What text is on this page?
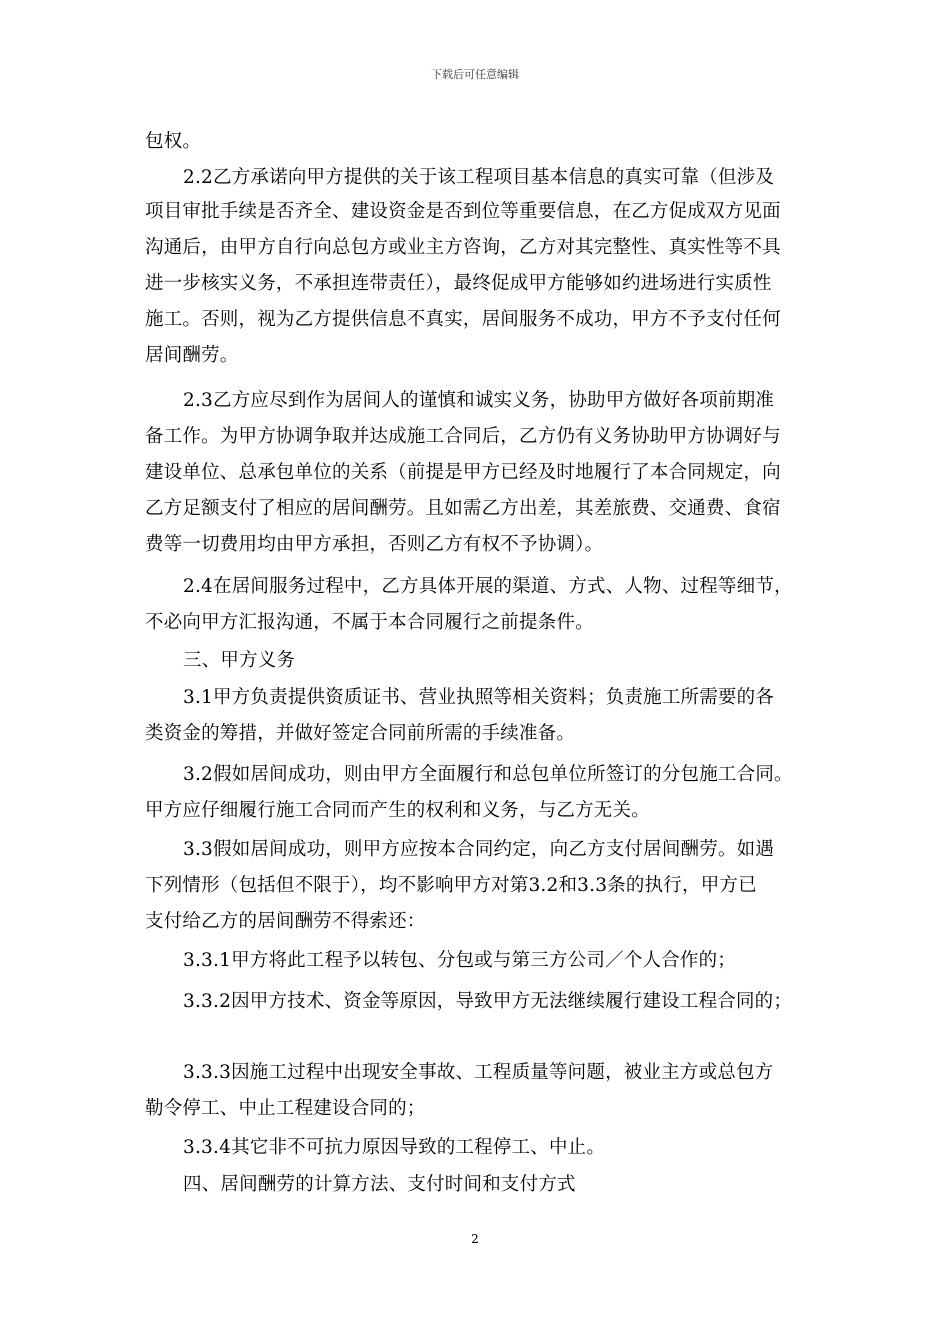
下载后可任意编辑
包权。
2.2乙方承诺向甲方提供的关于该工程项目基本信息的真实可靠（但涉及
项目审批手续是否齐全、建设资金是否到位等重要信息，在乙方促成双方见面
沟通后，由甲方自行向总包方或业主方咨询，乙方对其完整性、真实性等不具
进一步核实义务，不承担连带责任），最终促成甲方能够如约进场进行实质性
施工。否则，视为乙方提供信息不真实，居间服务不成功，甲方不予支付任何
居间酬劳。
2.3乙方应尽到作为居间人的谨慎和诚实义务，协助甲方做好各项前期准
备工作。为甲方协调争取并达成施工合同后，乙方仍有义务协助甲方协调好与
建设单位、总承包单位的关系（前提是甲方已经及时地履行了本合同规定，向
乙方足额支付了相应的居间酬劳。且如需乙方出差，其差旅费、交通费、食宿
费等一切费用均由甲方承担，否则乙方有权不予协调）。
2.4在居间服务过程中，乙方具体开展的渠道、方式、人物、过程等细节，
不必向甲方汇报沟通，不属于本合同履行之前提条件。
三、甲方义务
3.1甲方负责提供资质证书、营业执照等相关资料；负责施工所需要的各
类资金的筹措，并做好签定合同前所需的手续准备。
3.2假如居间成功，则由甲方全面履行和总包单位所签订的分包施工合同。
甲方应仔细履行施工合同而产生的权利和义务，与乙方无关。
3.3假如居间成功，则甲方应按本合同约定，向乙方支付居间酬劳。如遇
下列情形（包括但不限于），均不影响甲方对第3.2和3.3条的执行，甲方已
支付给乙方的居间酬劳不得索还：
3.3.1甲方将此工程予以转包、分包或与第三方公司／个人合作的；
3.3.2因甲方技术、资金等原因，导致甲方无法继续履行建设工程合同的；
3.3.3因施工过程中出现安全事故、工程质量等问题，被业主方或总包方
勒令停工、中止工程建设合同的；
3.3.4其它非不可抗力原因导致的工程停工、中止。
四、居间酬劳的计算方法、支付时间和支付方式
2
